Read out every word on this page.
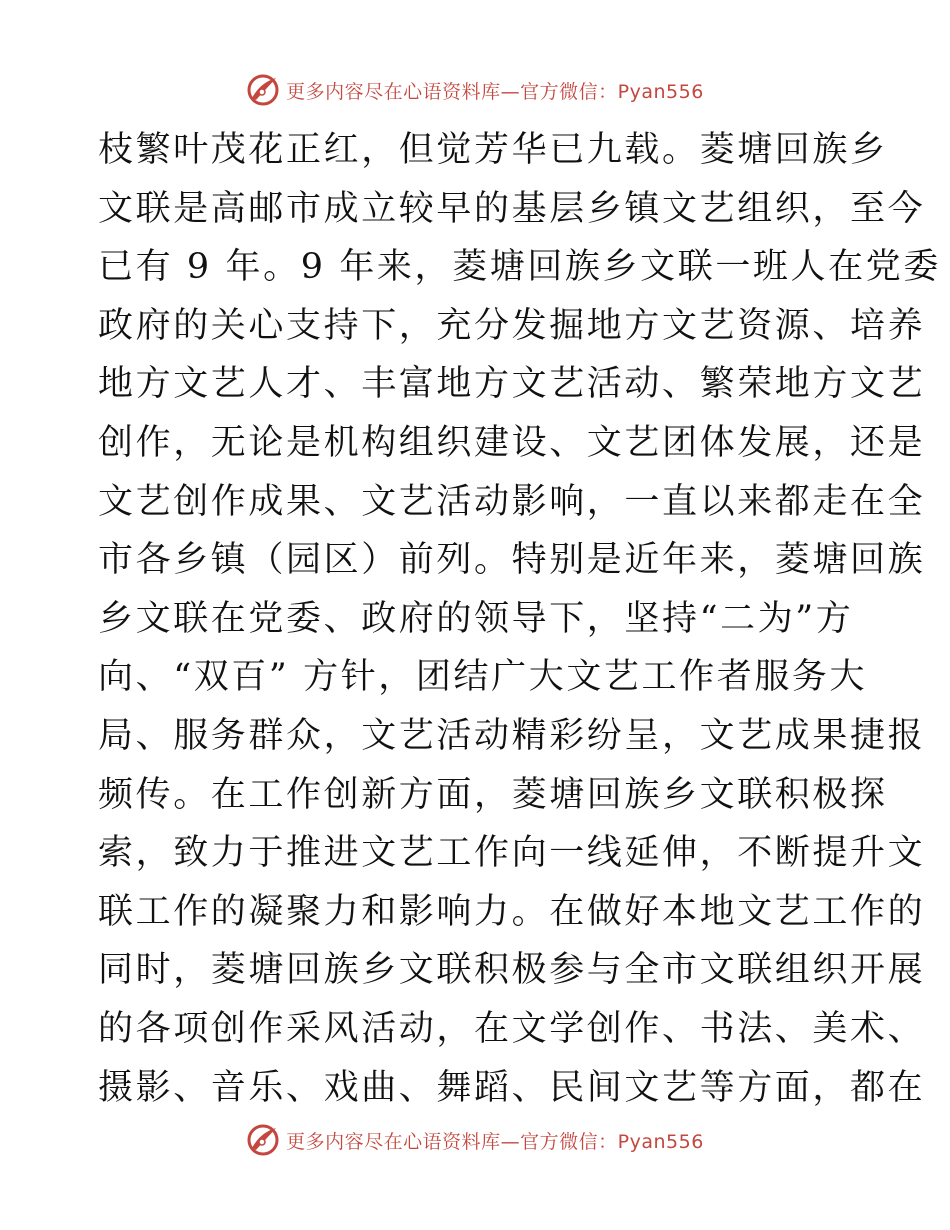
更多内容尽在心语资料库—官方微信：Pyan556
枝繁叶茂花正红，但觉芳华已九载。菱塘回族乡
文联是高邮市成立较早的基层乡镇文艺组织，至今
已有 9 年。9 年来，菱塘回族乡文联一班人在党委
政府的关心支持下，充分发掘地方文艺资源、培养
地方文艺人才、丰富地方文艺活动、繁荣地方文艺
创作，无论是机构组织建设、文艺团体发展，还是
文艺创作成果、文艺活动影响，一直以来都走在全
市各乡镇（园区）前列。特别是近年来，菱塘回族
乡文联在党委、政府的领导下，坚持“二为”方
向、“双百” 方针，团结广大文艺工作者服务大
局、服务群众，文艺活动精彩纷呈，文艺成果捷报
频传。在工作创新方面，菱塘回族乡文联积极探
索，致力于推进文艺工作向一线延伸，不断提升文
联工作的凝聚力和影响力。在做好本地文艺工作的
同时，菱塘回族乡文联积极参与全市文联组织开展
的各项创作采风活动，在文学创作、书法、美术、
摄影、音乐、戏曲、舞蹈、民间文艺等方面，都在
更多内容尽在心语资料库—官方微信：Pyan556
